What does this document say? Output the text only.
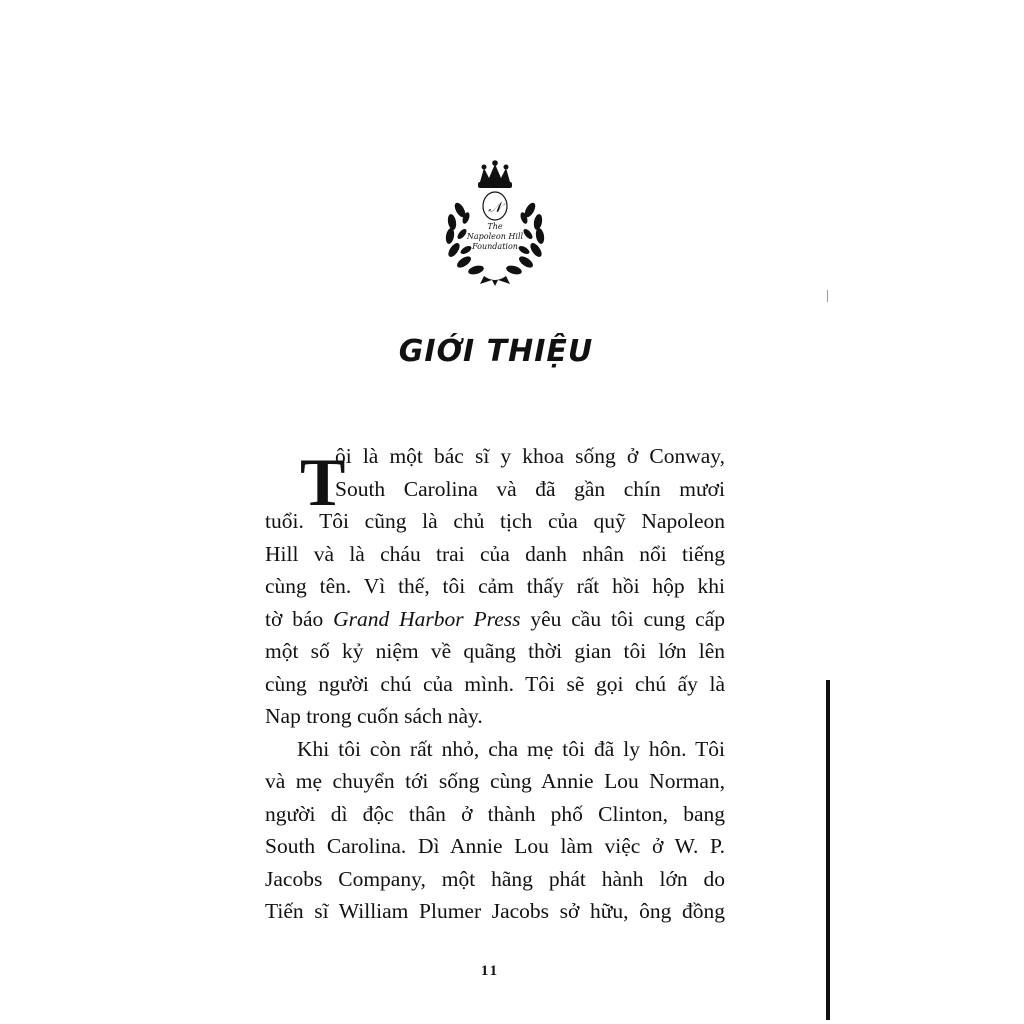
𝒩
The
Napoleon Hill
Foundation
GIỚI THIỆU
T
ôi là một bác sĩ y khoa sống ở Conway,
South Carolina và đã gần chín mươi
tuổi. Tôi cũng là chủ tịch của quỹ Napoleon
Hill và là cháu trai của danh nhân nổi tiếng
cùng tên. Vì thế, tôi cảm thấy rất hồi hộp khi
tờ báo Grand Harbor Press yêu cầu tôi cung cấp
một số kỷ niệm về quãng thời gian tôi lớn lên
cùng người chú của mình. Tôi sẽ gọi chú ấy là
Nap trong cuốn sách này.
Khi tôi còn rất nhỏ, cha mẹ tôi đã ly hôn. Tôi
và mẹ chuyển tới sống cùng Annie Lou Norman,
người dì độc thân ở thành phố Clinton, bang
South Carolina. Dì Annie Lou làm việc ở W. P.
Jacobs Company, một hãng phát hành lớn do
Tiến sĩ William Plumer Jacobs sở hữu, ông đồng
11
